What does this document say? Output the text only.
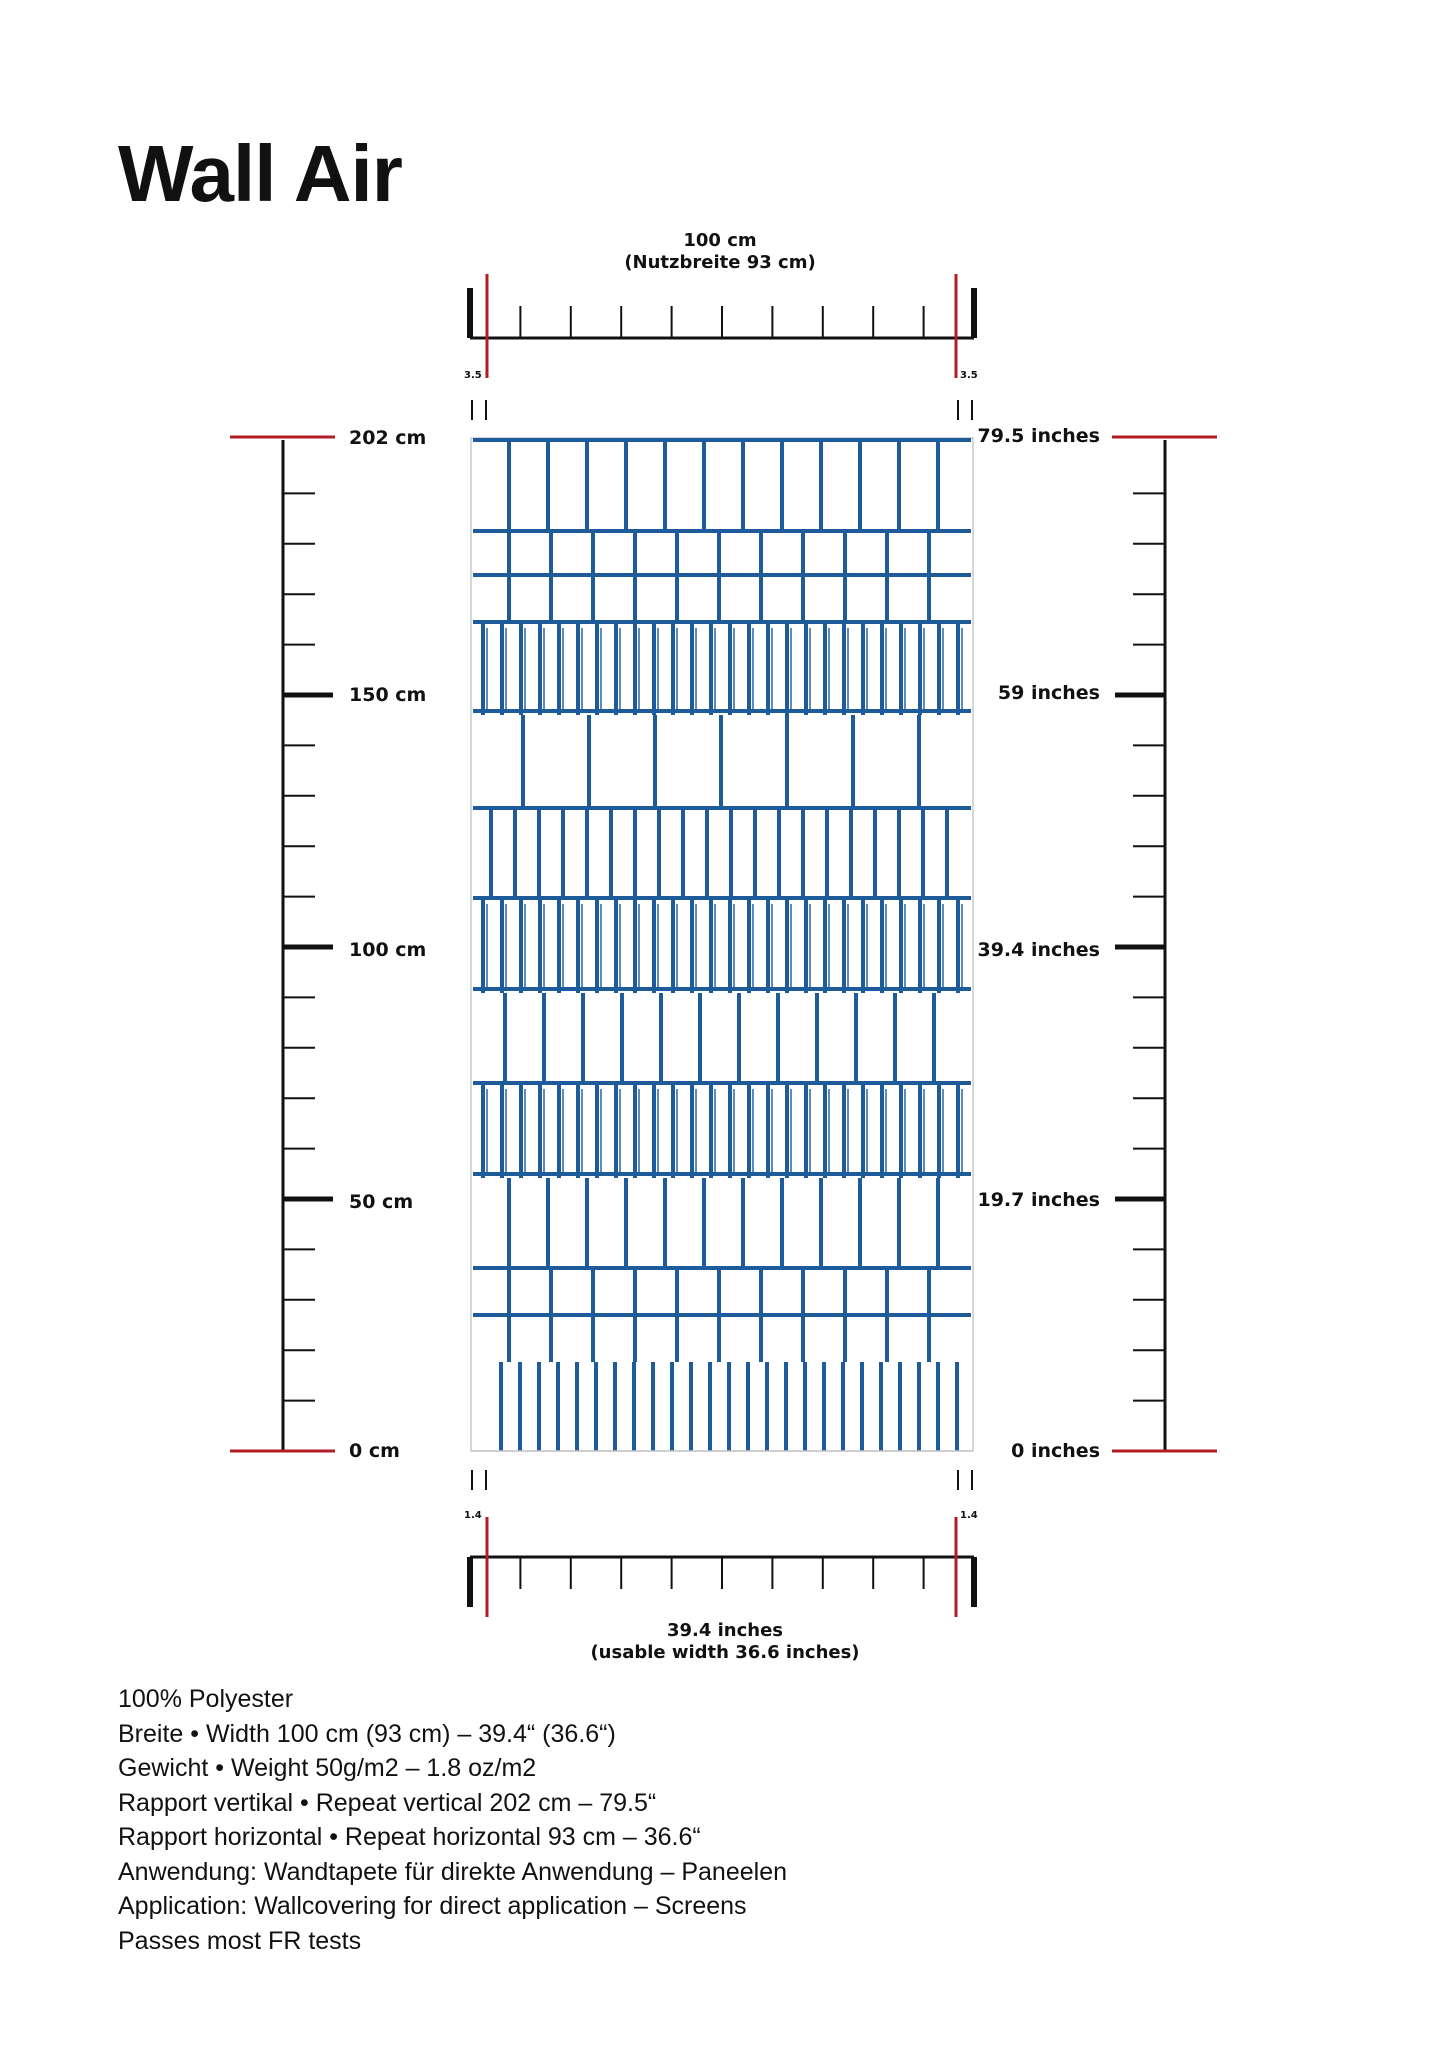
Wall Air
100 cm
(Nutzbreite 93 cm)
3.5	3.5
202 cm
150 cm
100 cm
50 cm
0 cm
79.5 inches
59 inches
39.4 inches
19.7 inches
0 inches
1.4	1.4
39.4 inches
(usable width 36.6 inches)
100% Polyester
Breite • Width 100 cm (93 cm) – 39.4“ (36.6“)
Gewicht • Weight 50g/m2 – 1.8 oz/m2
Rapport vertikal • Repeat vertical 202 cm – 79.5“
Rapport horizontal • Repeat horizontal 93 cm – 36.6“
Anwendung: Wandtapete für direkte Anwendung – Paneelen
Application: Wallcovering for direct application – Screens
Passes most FR tests
